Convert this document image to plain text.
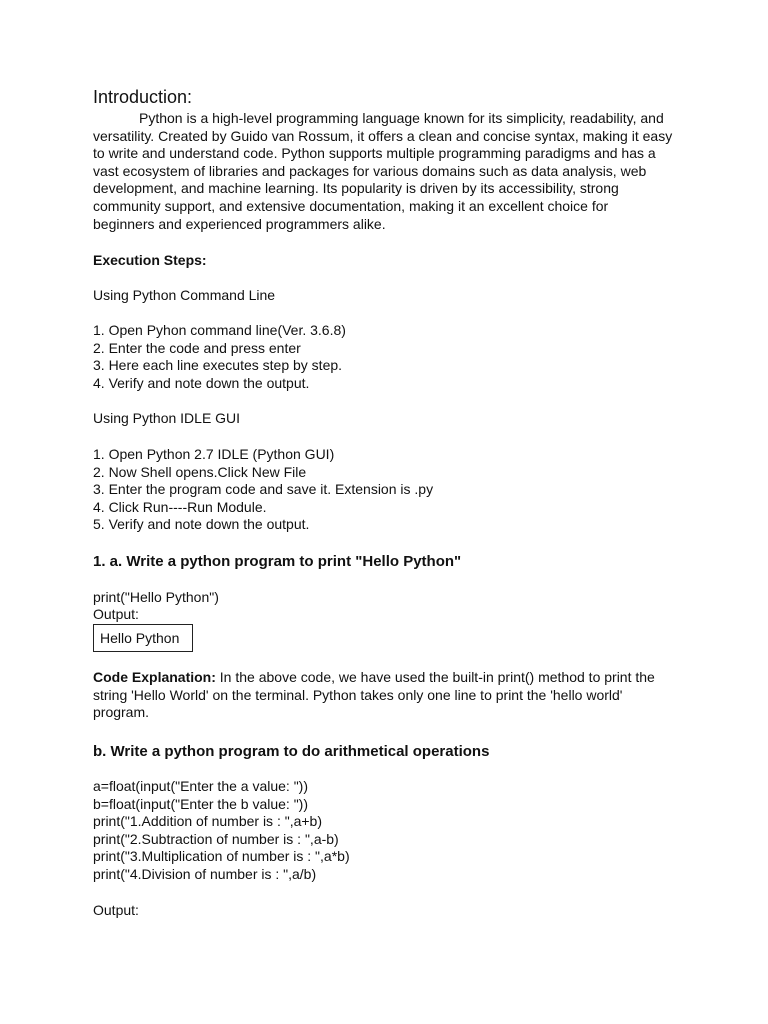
Introduction:

Python is a high-level programming language known for its simplicity, readability, and versatility. Created by Guido van Rossum, it offers a clean and concise syntax, making it easy to write and understand code. Python supports multiple programming paradigms and has a vast ecosystem of libraries and packages for various domains such as data analysis, web development, and machine learning. Its popularity is driven by its accessibility, strong community support, and extensive documentation, making it an excellent choice for beginners and experienced programmers alike.

Execution Steps:
Using Python Command Line
1. Open Pyhon command line(Ver. 3.6.8)
2. Enter the code and press enter
3. Here each line executes step by step.
4. Verify and note down the output.
Using Python IDLE GUI
1. Open Python 2.7 IDLE (Python GUI)
2. Now Shell opens.Click New File
3. Enter the program code and save it. Extension is .py
4. Click Run----Run Module.
5. Verify and note down the output.
1. a. Write a python program to print "Hello Python"
print("Hello Python")
Output:
Hello Python

Code Explanation: In the above code, we have used the built-in print() method to print the string 'Hello World' on the terminal. Python takes only one line to print the 'hello world' program.

b. Write a python program to do arithmetical operations
a=float(input("Enter the a value: "))
b=float(input("Enter the b value: "))
print("1.Addition of number is : ",a+b)
print("2.Subtraction of number is : ",a-b)
print("3.Multiplication of number is : ",a*b)
print("4.Division of number is : ",a/b)
Output:
